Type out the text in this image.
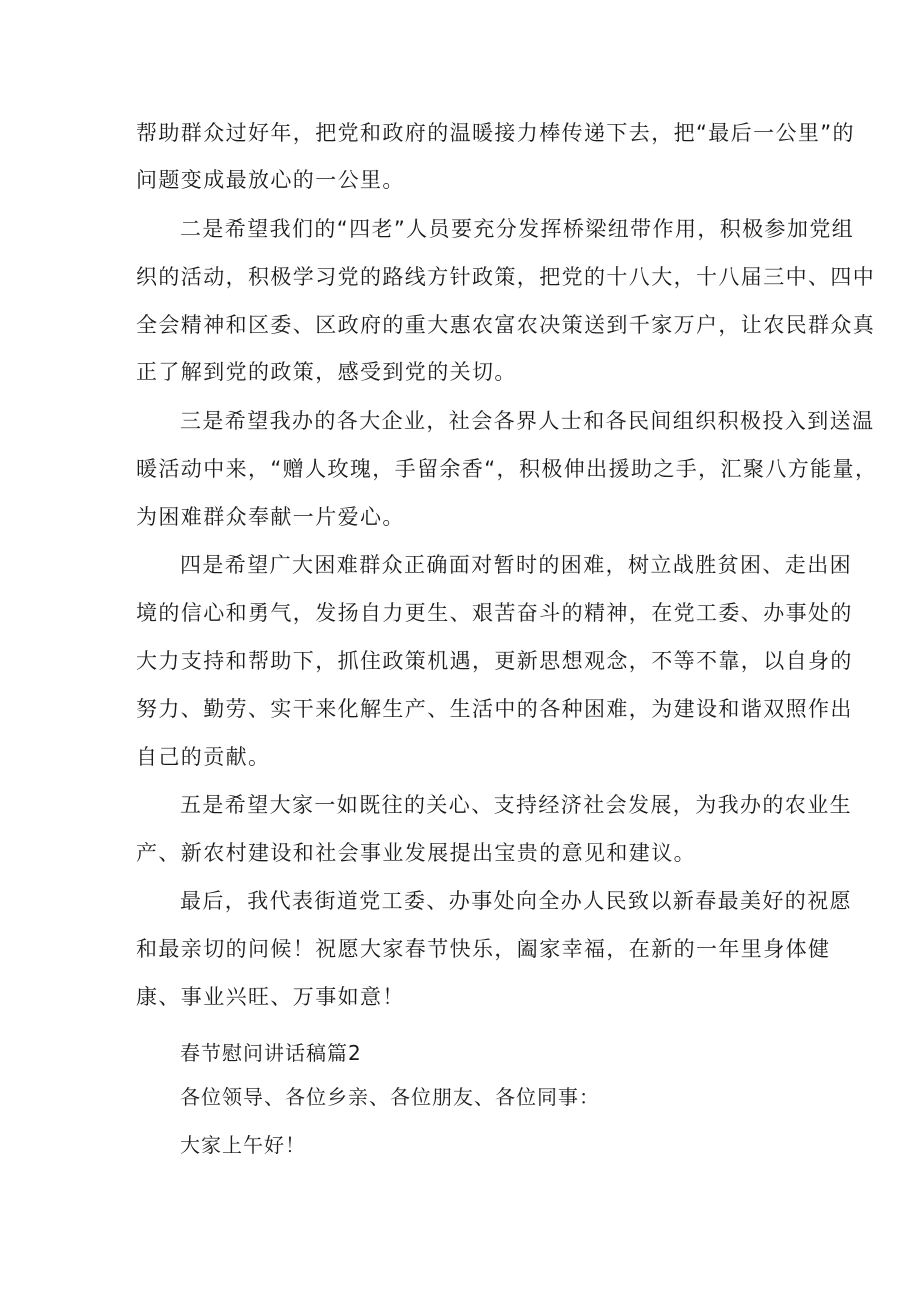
帮助群众过好年，把党和政府的温暖接力棒传递下去，把“最后一公里”的
问题变成最放心的一公里。
二是希望我们的“四老”人员要充分发挥桥梁纽带作用，积极参加党组
织的活动，积极学习党的路线方针政策，把党的十八大，十八届三中、四中
全会精神和区委、区政府的重大惠农富农决策送到千家万户，让农民群众真
正了解到党的政策，感受到党的关切。
三是希望我办的各大企业，社会各界人士和各民间组织积极投入到送温
暖活动中来，“赠人玫瑰，手留余香“，积极伸出援助之手，汇聚八方能量，
为困难群众奉献一片爱心。
四是希望广大困难群众正确面对暂时的困难，树立战胜贫困、走出困
境的信心和勇气，发扬自力更生、艰苦奋斗的精神，在党工委、办事处的
大力支持和帮助下，抓住政策机遇，更新思想观念，不等不靠，以自身的
努力、勤劳、实干来化解生产、生活中的各种困难，为建设和谐双照作出
自己的贡献。
五是希望大家一如既往的关心、支持经济社会发展，为我办的农业生
产、新农村建设和社会事业发展提出宝贵的意见和建议。
最后，我代表街道党工委、办事处向全办人民致以新春最美好的祝愿
和最亲切的问候！祝愿大家春节快乐，阖家幸福，在新的一年里身体健
康、事业兴旺、万事如意！
春节慰问讲话稿篇2
各位领导、各位乡亲、各位朋友、各位同事：
大家上午好！
